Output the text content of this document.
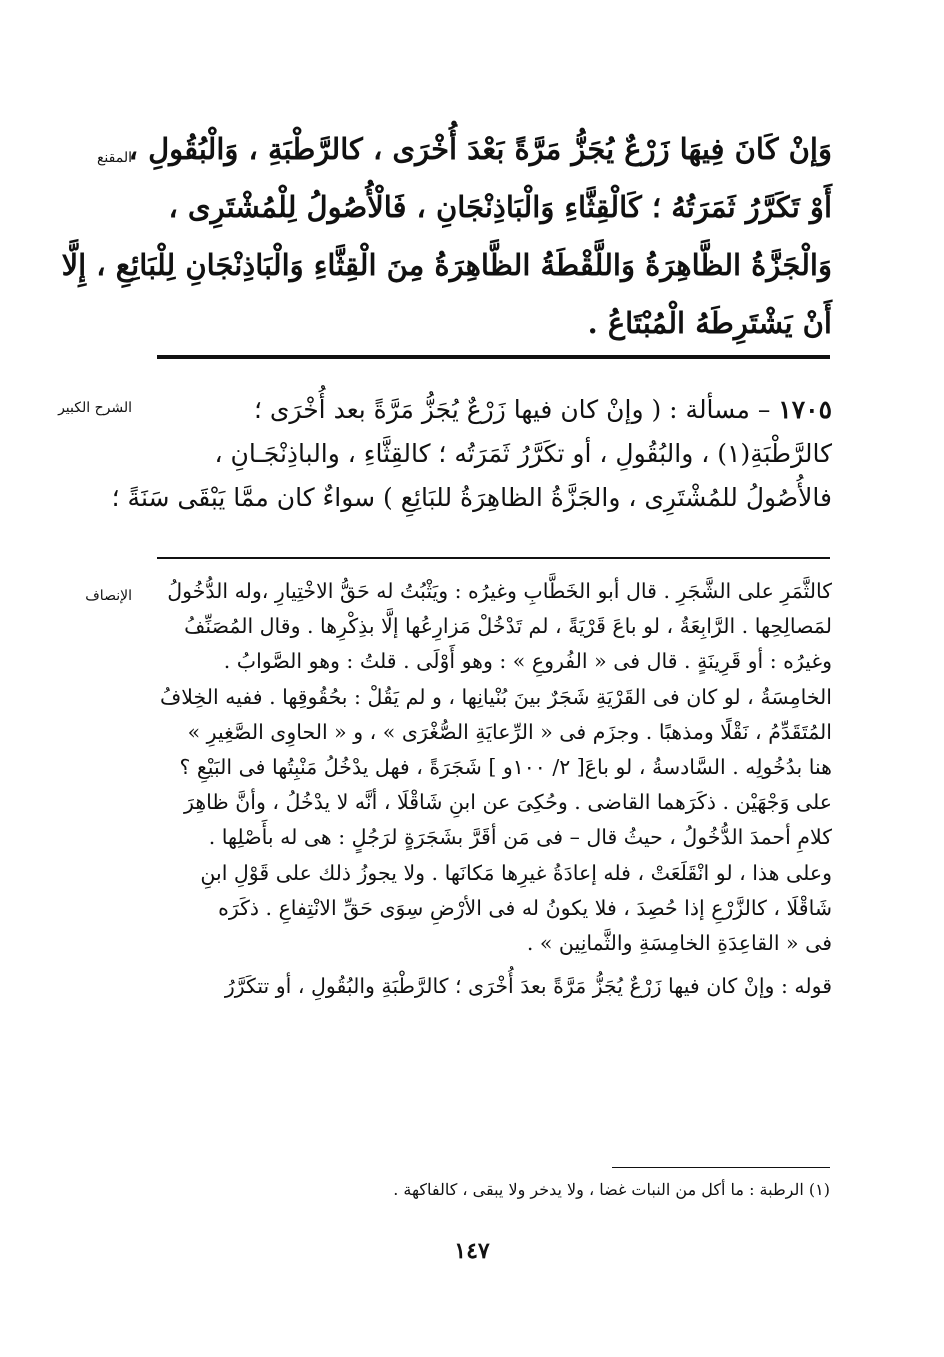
المقنع
الشرح الكبير
الإنصاف
وَإنْ كَانَ فِيهَا زَرْعٌ يُجَزُّ مَرَّةً بَعْدَ أُخْرَى ، كالرَّطْبَةِ ، وَالْبُقُولِ ،
أَوْ تَكَرَّرُ ثَمَرَتُهُ ؛ كَالْقِثَّاءِ وَالْبَاذِنْجَانِ ، فَالْأُصُولُ لِلْمُشْتَرِى ،
وَالْجَزَّةُ الظَّاهِرَةُ وَاللَّقْطَةُ الظَّاهِرَةُ مِنَ الْقِثَّاءِ وَالْبَاذِنْجَانِ لِلْبَائِعِ ، إِلَّا
أَنْ يَشْتَرِطَهُ الْمُبْتَاعُ .
١٧٠٥ – مسألة : ( وإنْ كان فيها زَرْعٌ يُجَزُّ مَرَّةً بعد أُخْرَى ؛
كالرَّطْبَةِ(١) ، والبُقُولِ ، أو تكَرَّرُ ثَمَرَتُه ؛ كالقِثَّاءِ ، والباذِنْجَـانِ ،
فالأُصُولُ للمُشْتَرِى ، والجَزَّةُ الظاهِرَةُ للبَائِعِ ) سواءٌ كان ممَّا يَبْقَى سَنَةً ؛
كالثَّمَرِ على الشَّجَرِ . قال أبو الخَطَّابِ وغيرُه : ويَثْبُتُ له حَقُّ الاخْتِيارِ ،وله الدُّخُولُ
لمَصالِحِها . الرَّابِعَةُ ، لو باعَ قَرْيَةً ، لم تَدْخُلْ مَزارِعُها إلَّا بذِكْرِها . وقال المُصَنِّفُ
وغيرُه : أو قَرِينَةٍ . قال فى « الفُروعِ » : وهو أَوْلَى . قلتُ : وهو الصَّوابُ .
الخامِسَةُ ، لو كان فى القَرْيَةِ شَجَرٌ بينَ بُنْيانِها ، و لم يَقُلْ : بحُقُوقِها . ففيه الخِلافُ
المُتَقَدِّمُ ، نَقْلًا ومذهبًا . وجزَم فى « الرِّعايَةِ الصُّغْرَى » ، و « الحاوِى الصَّغِيرِ »
هنا بدُخُولِه . السَّادسةُ ، لو باعَ[ ٢/ ١٠٠و ] شَجَرَةً ، فهل يدْخُلُ مَنْبِتُها فى البَيْعِ ؟
على وَجْهَيْن . ذكَرَهما القاضى . وحُكِىَ عن ابنِ شَاقْلَا ، أنَّه لا يدْخُلُ ، وأنَّ ظاهِرَ
كلامِ أحمدَ الدُّخُولُ ، حيثُ قال – فى مَن أقَرَّ بشَجَرَةٍ لرَجُلٍ : هى له بأَصْلِها .
وعلى هذا ، لو انْقَلَعَتْ ، فله إعادَةُ غيرِها مَكانَها . ولا يجوزُ ذلك على قَوْلِ ابنِ
شَاقْلَا ، كالزَّرْعِ إذا حُصِدَ ، فلا يكونُ له فى الأرْضِ سِوَى حَقِّ الانْتِفاعِ . ذكَرَه
فى « القاعِدَةِ الخامِسَةِ والثَّمانِين » .
قوله : وإنْ كان فيها زَرْعٌ يُجَزُّ مَرَّةً بعدَ أُخْرَى ؛ كالرَّطْبَةِ والبُقُولِ ، أو تتكَرَّرُ
(١) الرطبة : ما أكل من النبات غضا ، ولا يدخر ولا يبقى ، كالفاكهة .
١٤٧
